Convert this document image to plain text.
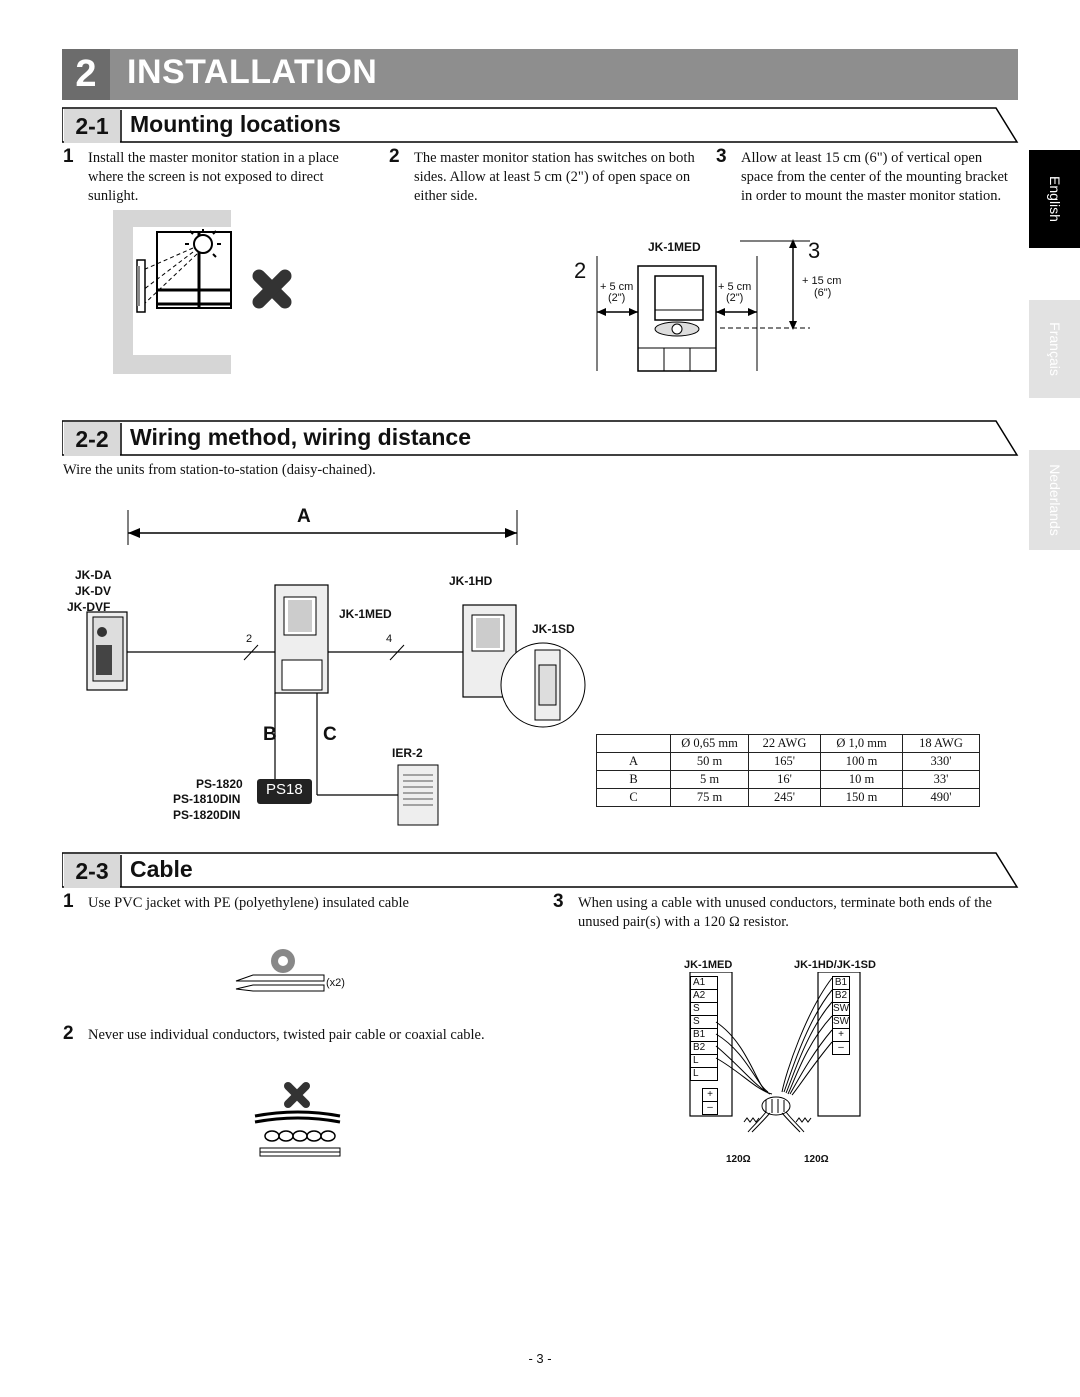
2 INSTALLATION
English
Français
Nederlands
2-1 Mounting locations
1 Install the master monitor station in a place where the screen is not exposed to direct sunlight.
2 The master monitor station has switches on both sides. Allow at least 5 cm (2") of open space on either side.
3 Allow at least 15 cm (6") of vertical open space from the center of the mounting bracket in order to mount the master monitor station.
JK-1MED
2
3
+ 5 cm
(2")
+ 5 cm
(2")
+ 15 cm
(6")
2-2 Wiring method, wiring distance
Wire the units from station-to-station (daisy-chained).
A
B C
JK-DA
JK-DV
JK-DVF	JK-1MED
JK-1HD
JK-1SD
IER-2
PS-1820
PS-1810DIN
PS-1820DIN
PS18
2	4
	Ø 0,65 mm	22 AWG	Ø 1,0 mm	18 AWG
A	50 m	165'	100 m	330'
B	5 m	16'	10 m	33'
C	75 m	245'	150 m	490'
2-3 Cable
1 Use PVC jacket with PE (polyethylene) insulated cable
2 Never use individual conductors, twisted pair cable or coaxial cable.
3 When using a cable with unused conductors, terminate both ends of the unused pair(s) with a 120 Ω resistor.
(x2)
JK-1MED	JK-1HD/JK-1SD
A1
A2
S
S
B1
B2
L
L
+
–
B1
B2
SW
SW
+
–
120Ω	120Ω
- 3 -
